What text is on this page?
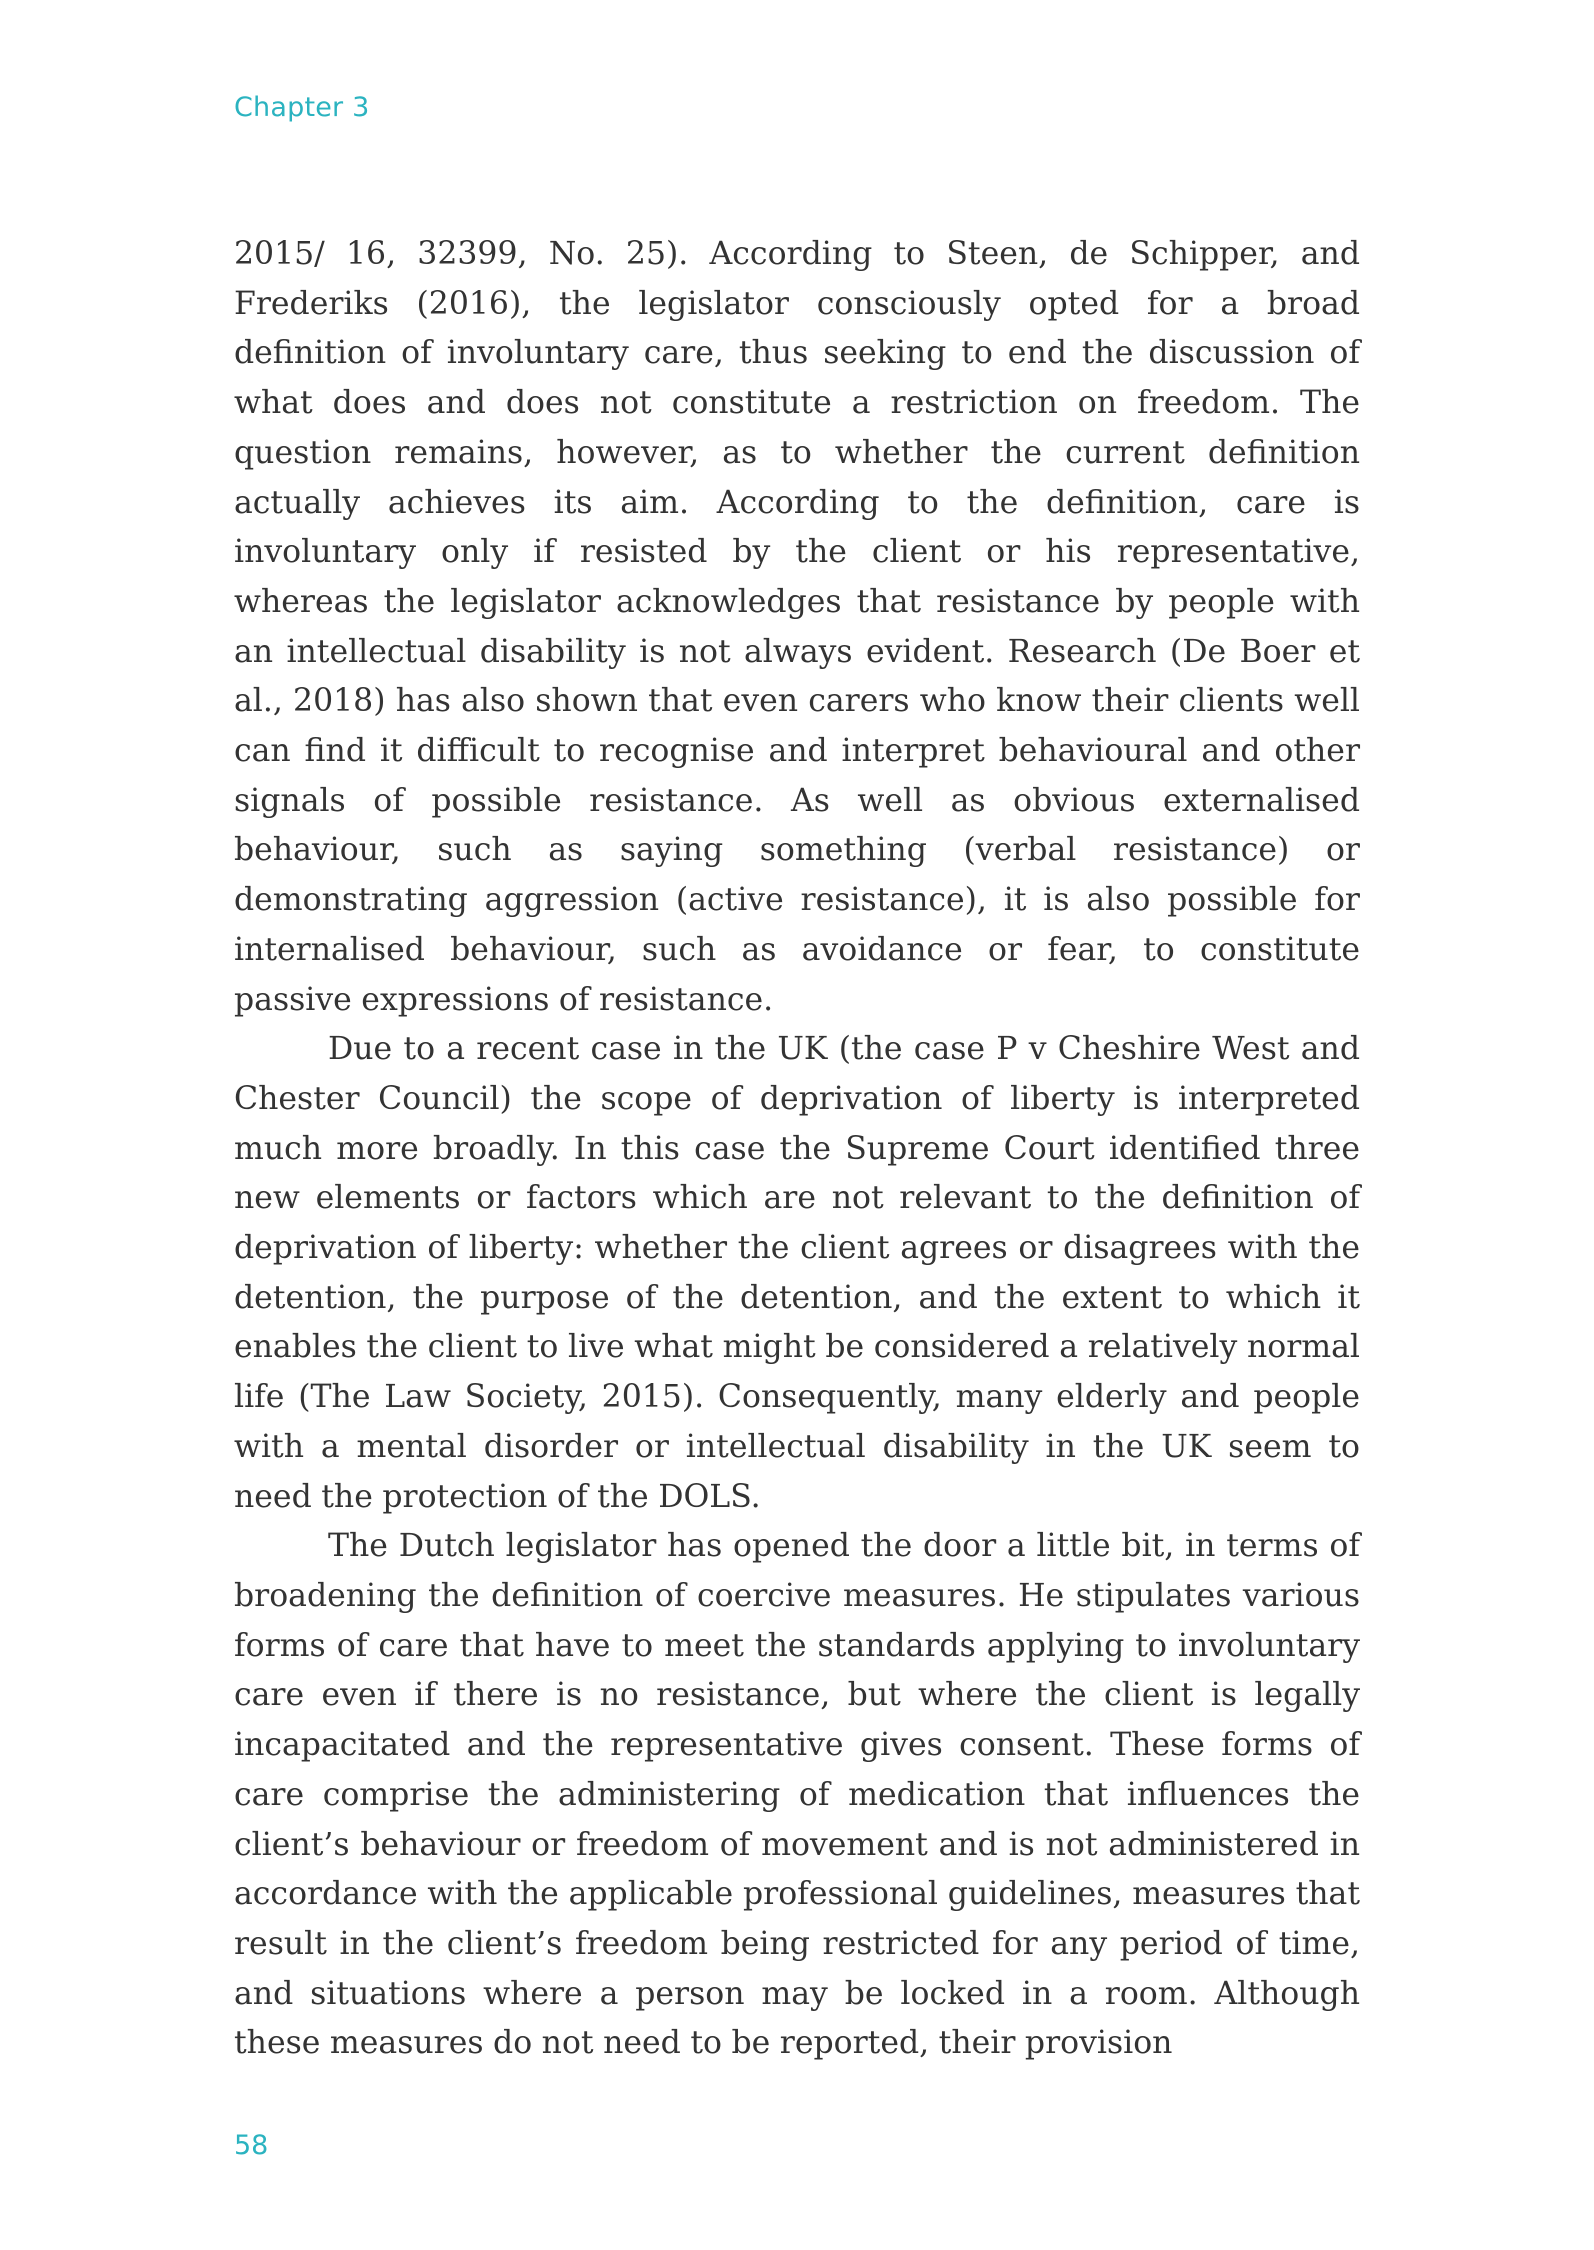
Chapter 3

2015/ 16, 32399, No. 25). According to Steen, de Schipper, and Frederiks (2016), the legislator consciously opted for a broad definition of involuntary care, thus seeking to end the discussion of what does and does not constitute a restriction on freedom. The question remains, however, as to whether the current definition actually achieves its aim. According to the definition, care is involuntary only if resisted by the client or his representative, whereas the legislator acknowledges that resistance by people with an intellectual disability is not always evident. Research (De Boer et al., 2018) has also shown that even carers who know their clients well can find it difficult to recognise and interpret behavioural and other signals of possible resistance. As well as obvious externalised behaviour, such as saying something (verbal resistance) or demonstrating aggression (active resistance), it is also possible for internalised behaviour, such as avoidance or fear, to constitute passive expressions of resistance.

Due to a recent case in the UK (the case P v Cheshire West and Chester Council) the scope of deprivation of liberty is interpreted much more broadly. In this case the Supreme Court identified three new elements or factors which are not relevant to the definition of deprivation of liberty: whether the client agrees or disagrees with the detention, the purpose of the detention, and the extent to which it enables the client to live what might be considered a relatively normal life (The Law Society, 2015). Consequently, many elderly and people with a mental disorder or intellectual disability in the UK seem to need the protection of the DOLS.

The Dutch legislator has opened the door a little bit, in terms of broadening the definition of coercive measures. He stipulates various forms of care that have to meet the standards applying to involuntary care even if there is no resistance, but where the client is legally incapacitated and the representative gives consent. These forms of care comprise the administering of medication that influences the client’s behaviour or freedom of movement and is not administered in accordance with the applicable professional guidelines, measures that result in the client’s freedom being restricted for any period of time, and situations where a person may be locked in a room. Although these measures do not need to be reported, their provision

58
